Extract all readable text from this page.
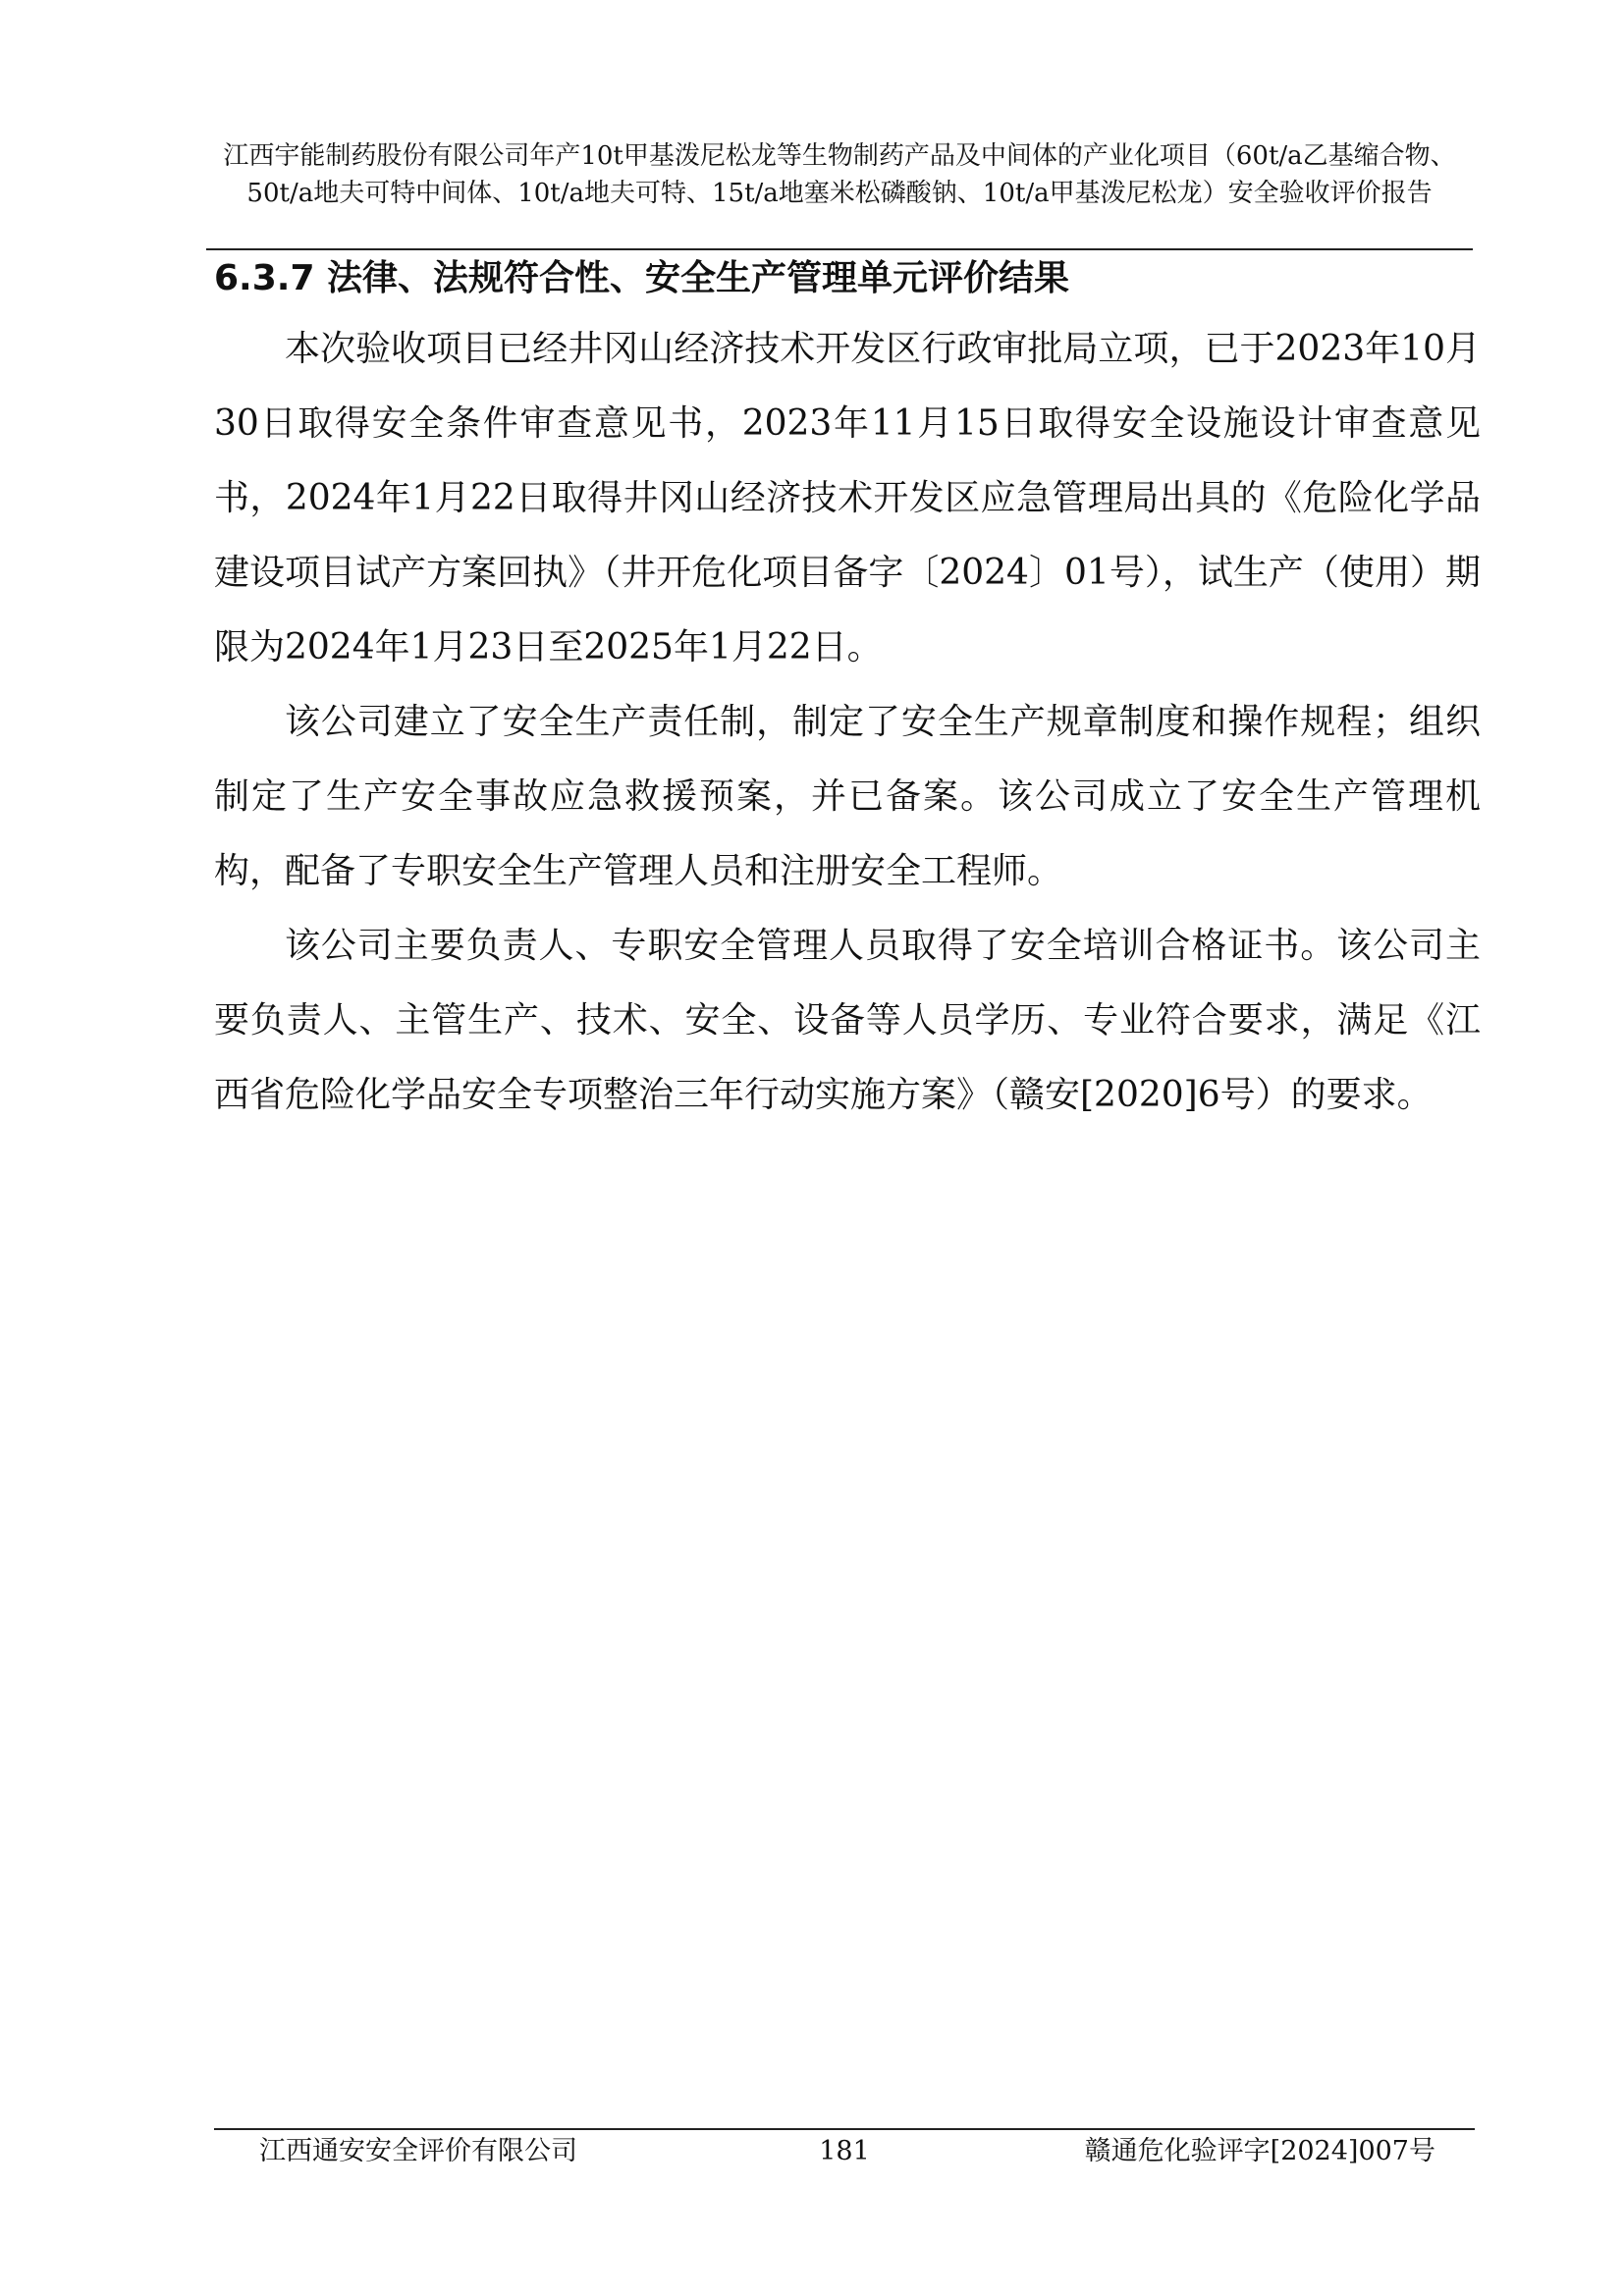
江西宇能制药股份有限公司年产10t甲基泼尼松龙等生物制药产品及中间体的产业化项目（60t/a乙基缩合物、50t/a地夫可特中间体、10t/a地夫可特、15t/a地塞米松磷酸钠、10t/a甲基泼尼松龙）安全验收评价报告
6.3.7 法律、法规符合性、安全生产管理单元评价结果

本次验收项目已经井冈山经济技术开发区行政审批局立项，已于2023年10月30日取得安全条件审查意见书，2023年11月15日取得安全设施设计审查意见书，2024年1月22日取得井冈山经济技术开发区应急管理局出具的《危险化学品建设项目试产方案回执》（井开危化项目备字〔2024〕01号），试生产（使用）期限为2024年1月23日至2025年1月22日。

该公司建立了安全生产责任制，制定了安全生产规章制度和操作规程；组织制定了生产安全事故应急救援预案，并已备案。该公司成立了安全生产管理机构，配备了专职安全生产管理人员和注册安全工程师。

该公司主要负责人、专职安全管理人员取得了安全培训合格证书。该公司主要负责人、主管生产、技术、安全、设备等人员学历、专业符合要求，满足《江西省危险化学品安全专项整治三年行动实施方案》（赣安[2020]6号）的要求。

181
江西通安安全评价有限公司	赣通危化验评字[2024]007号
